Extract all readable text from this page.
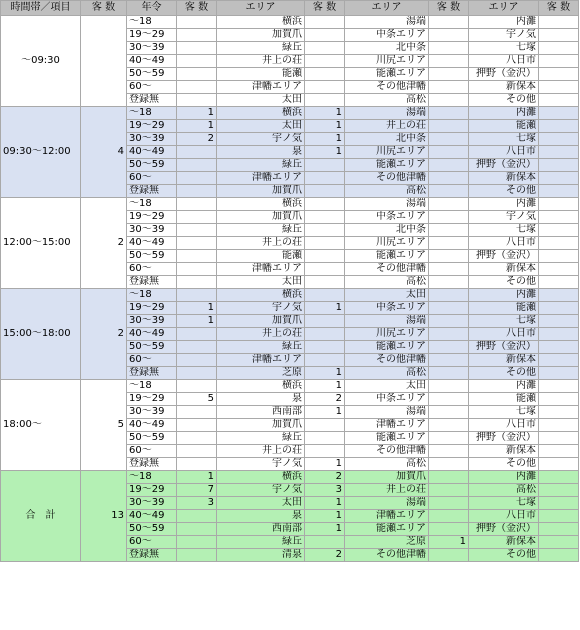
時間帯／項目	客 数	年令	客 数	エリア	客 数	エリア	客 数	エリア	客 数
～09:30		～18		横浜		湯端		内灘	
		19～29		加賀爪		中条エリア		宇ノ気	
		30～39		緑丘		北中条		七塚	
		40～49		井上の荘		川尻エリア		八日市	
		50～59		能瀬		能瀬エリア		押野（金沢）	
		60～		津幡エリア		その他津幡		新保本	
		登録無		太田		高松		その他	
09:30～12:00	4	～18	1	横浜	1	湯端		内灘	
		19～29	1	太田	1	井上の荘		能瀬	
		30～39	2	宇ノ気	1	北中条		七塚	
		40～49		泉	1	川尻エリア		八日市	
		50～59		緑丘		能瀬エリア		押野（金沢）	
		60～		津幡エリア		その他津幡		新保本	
		登録無		加賀爪		高松		その他	
12:00～15:00	2	～18		横浜		湯端		内灘	
		19～29		加賀爪		中条エリア		宇ノ気	
		30～39		緑丘		北中条		七塚	
		40～49		井上の荘		川尻エリア		八日市	
		50～59		能瀬		能瀬エリア		押野（金沢）	
		60～		津幡エリア		その他津幡		新保本	
		登録無		太田		高松		その他	
15:00～18:00	2	～18		横浜		太田		内灘	
		19～29	1	宇ノ気	1	中条エリア		能瀬	
		30～39	1	加賀爪		湯端		七塚	
		40～49		井上の荘		川尻エリア		八日市	
		50～59		緑丘		能瀬エリア		押野（金沢）	
		60～		津幡エリア		その他津幡		新保本	
		登録無		芝原	1	高松		その他	
18:00～	5	～18		横浜	1	太田		内灘	
		19～29	5	泉	2	中条エリア		能瀬	
		30～39		西南部	1	湯端		七塚	
		40～49		加賀爪		津幡エリア		八日市	
		50～59		緑丘		能瀬エリア		押野（金沢）	
		60～		井上の荘		その他津幡		新保本	
		登録無		宇ノ気	1	高松		その他	
合　計	13	～18	1	横浜	2	加賀爪		内灘	
		19～29	7	宇ノ気	3	井上の荘		高松	
		30～39	3	太田	1	湯端		七塚	
		40～49		泉	1	津幡エリア		八日市	
		50～59		西南部	1	能瀬エリア		押野（金沢）	
		60～		緑丘		芝原	1	新保本	
		登録無		清泉	2	その他津幡		その他	
